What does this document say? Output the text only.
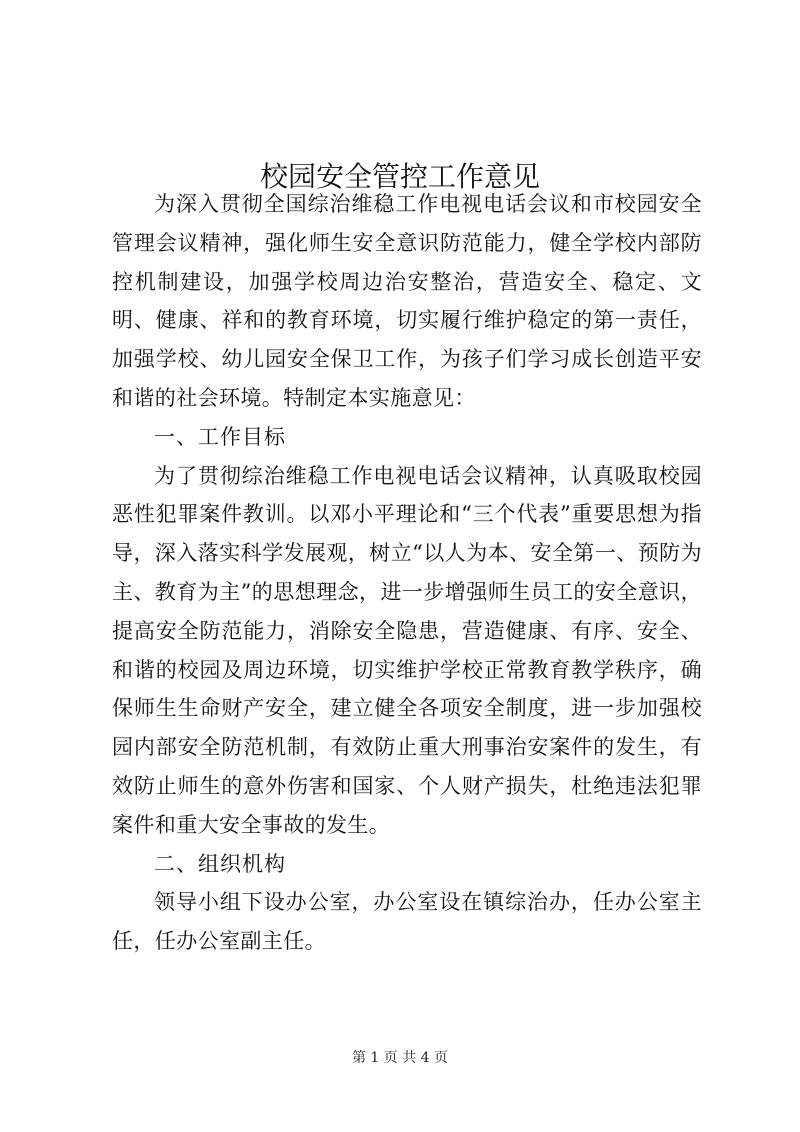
校园安全管控工作意见

为深入贯彻全国综治维稳工作电视电话会议和市校园安全管理会议精神，强化师生安全意识防范能力，健全学校内部防控机制建设，加强学校周边治安整治，营造安全、稳定、文明、健康、祥和的教育环境，切实履行维护稳定的第一责任，加强学校、幼儿园安全保卫工作，为孩子们学习成长创造平安和谐的社会环境。特制定本实施意见：

一、工作目标

为了贯彻综治维稳工作电视电话会议精神，认真吸取校园恶性犯罪案件教训。以邓小平理论和“三个代表”重要思想为指导，深入落实科学发展观，树立“以人为本、安全第一、预防为主、教育为主”的思想理念，进一步增强师生员工的安全意识，提高安全防范能力，消除安全隐患，营造健康、有序、安全、和谐的校园及周边环境，切实维护学校正常教育教学秩序，确保师生生命财产安全，建立健全各项安全制度，进一步加强校园内部安全防范机制，有效防止重大刑事治安案件的发生，有效防止师生的意外伤害和国家、个人财产损失，杜绝违法犯罪案件和重大安全事故的发生。

二、组织机构

领导小组下设办公室，办公室设在镇综治办，任办公室主任，任办公室副主任。

第 1 页 共 4 页
